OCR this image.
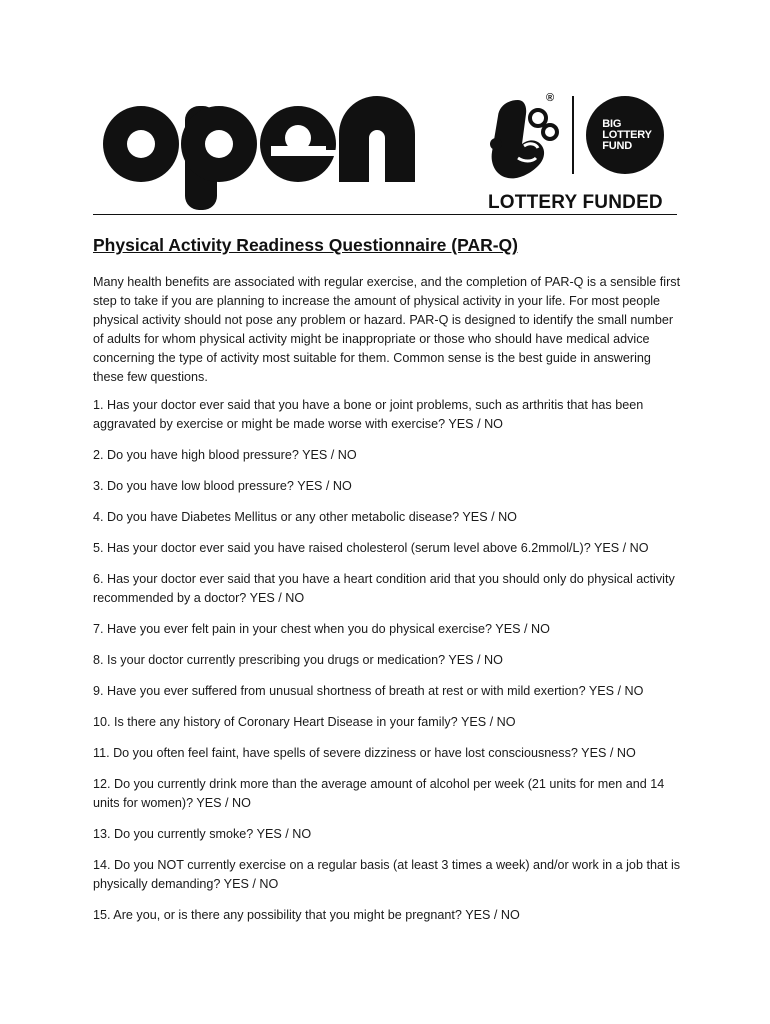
®
BIG
LOTTERY
FUND
LOTTERY FUNDED
Physical Activity Readiness Questionnaire (PAR-Q)

Many health benefits are associated with regular exercise, and the completion of PAR-Q is a sensible first step to take if you are planning to increase the amount of physical activity in your life. For most people physical activity should not pose any problem or hazard. PAR-Q is designed to identify the small number of adults for whom physical activity might be inappropriate or those who should have medical advice concerning the type of activity most suitable for them. Common sense is the best guide in answering these few questions.

1. Has your doctor ever said that you have a bone or joint problems, such as arthritis that has been aggravated by exercise or might be made worse with exercise? YES / NO
2. Do you have high blood pressure? YES / NO
3. Do you have low blood pressure? YES / NO
4. Do you have Diabetes Mellitus or any other metabolic disease? YES / NO
5. Has your doctor ever said you have raised cholesterol (serum level above 6.2mmol/L)? YES / NO
6. Has your doctor ever said that you have a heart condition arid that you should only do physical activity recommended by a doctor? YES / NO
7. Have you ever felt pain in your chest when you do physical exercise? YES / NO
8. Is your doctor currently prescribing you drugs or medication? YES / NO
9. Have you ever suffered from unusual shortness of breath at rest or with mild exertion? YES / NO
10. Is there any history of Coronary Heart Disease in your family? YES / NO
11. Do you often feel faint, have spells of severe dizziness or have lost consciousness? YES / NO
12. Do you currently drink more than the average amount of alcohol per week (21 units for men and 14 units for women)? YES / NO
13. Do you currently smoke? YES / NO
14. Do you NOT currently exercise on a regular basis (at least 3 times a week) and/or work in a job that is physically demanding? YES / NO
15. Are you, or is there any possibility that you might be pregnant? YES / NO
